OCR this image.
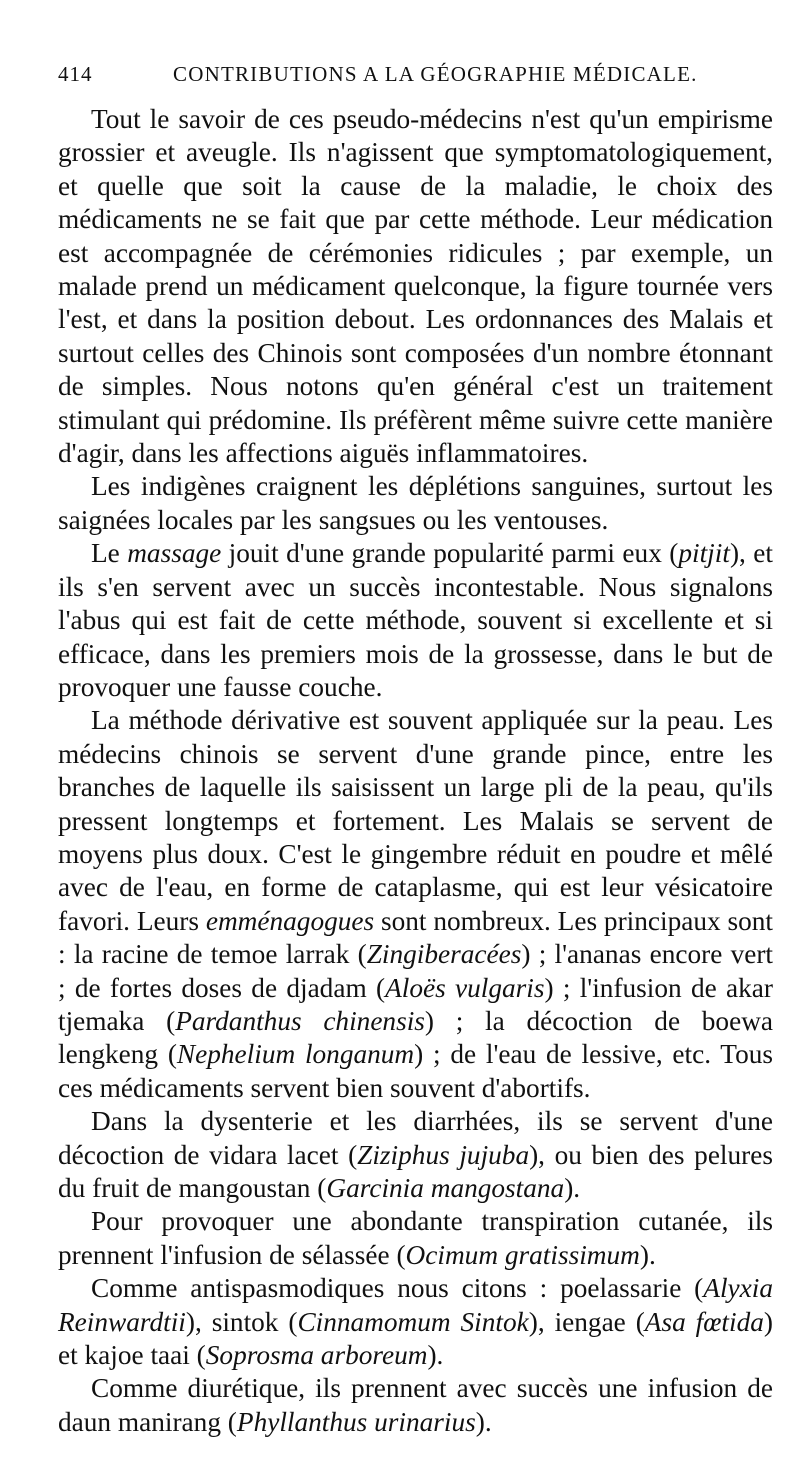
414	CONTRIBUTIONS A LA GÉOGRAPHIE MÉDICALE.

Tout le savoir de ces pseudo-médecins n'est qu'un empirisme grossier et aveugle. Ils n'agissent que symptomatologiquement, et quelle que soit la cause de la maladie, le choix des médicaments ne se fait que par cette méthode. Leur médication est accompagnée de cérémonies ridicules ; par exemple, un malade prend un médicament quelconque, la figure tournée vers l'est, et dans la position debout. Les ordonnances des Malais et surtout celles des Chinois sont composées d'un nombre étonnant de simples. Nous notons qu'en général c'est un traitement stimulant qui prédomine. Ils préfèrent même suivre cette manière d'agir, dans les affections aiguës inflammatoires.

Les indigènes craignent les déplétions sanguines, surtout les saignées locales par les sangsues ou les ventouses.

Le massage jouit d'une grande popularité parmi eux (pitjit), et ils s'en servent avec un succès incontestable. Nous signalons l'abus qui est fait de cette méthode, souvent si excellente et si efficace, dans les premiers mois de la grossesse, dans le but de provoquer une fausse couche.

La méthode dérivative est souvent appliquée sur la peau. Les médecins chinois se servent d'une grande pince, entre les branches de laquelle ils saisissent un large pli de la peau, qu'ils pressent longtemps et fortement. Les Malais se servent de moyens plus doux. C'est le gingembre réduit en poudre et mêlé avec de l'eau, en forme de cataplasme, qui est leur vésicatoire favori. Leurs emménagogues sont nombreux. Les principaux sont : la racine de temoe larrak (Zingiberacées) ; l'ananas encore vert ; de fortes doses de djadam (Aloës vulgaris) ; l'infusion de akar tjemaka (Pardanthus chinensis) ; la décoction de boewa lengkeng (Nephelium longanum) ; de l'eau de lessive, etc. Tous ces médicaments servent bien souvent d'abortifs.

Dans la dysenterie et les diarrhées, ils se servent d'une décoction de vidara lacet (Ziziphus jujuba), ou bien des pelures du fruit de mangoustan (Garcinia mangostana).

Pour provoquer une abondante transpiration cutanée, ils prennent l'infusion de sélassée (Ocimum gratissimum).

Comme antispasmodiques nous citons : poelassarie (Alyxia Reinwardtii), sintok (Cinnamomum Sintok), iengae (Asa fœtida) et kajoe taai (Soprosma arboreum).

Comme diurétique, ils prennent avec succès une infusion de daun manirang (Phyllanthus urinarius).
